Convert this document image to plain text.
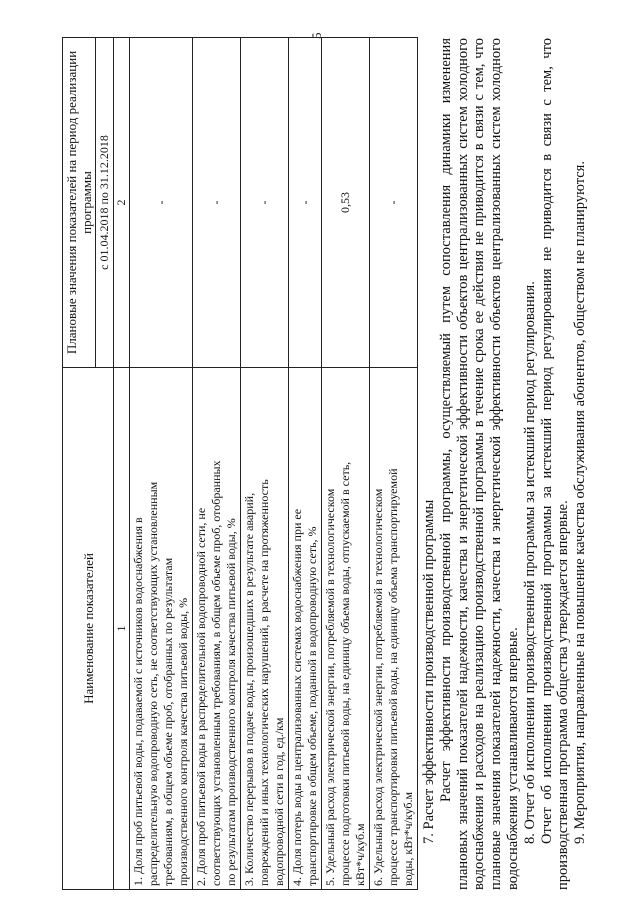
5
Наименование показателей	Плановые значения показателей на период реализации программы
	с 01.04.2018 по 31.12.2018
1	2
1. Доля проб питьевой воды, подаваемой с источников водоснабжения в
распределительную водопроводную сеть, не соответствующих установленным
требованиям, в общем объеме проб, отобранных по результатам
производственного контроля качества питьевой воды, %	-
2. Доля проб питьевой воды в распределительной водопроводной сети, не
соответствующих установленным требованиям, в общем объеме проб, отобранных
по результатам производственного контроля качества питьевой воды, %	-
3. Количество перерывов в подаче воды, произошедших в результате аварий,
повреждений и иных технологических нарушений, в расчете на протяженность
водопроводной сети в год, ед./км	-
4. Доля потерь воды в централизованных системах водоснабжения при ее
транспортировке в общем объеме, поданной в водопроводную сеть, %	-
5. Удельный расход электрической энергии, потребляемой в технологическом
процессе подготовки питьевой воды, на единицу объема воды, отпускаемой в сеть,
кВт*ч/куб.м	0,53
6. Удельный расход электрической энергии, потребляемой в технологическом
процессе транспортировки питьевой воды, на единицу объема транспортируемой
воды, кВт*ч/куб.м	-

7. Расчет эффективности производственной программы Расчет эффективности производственной программы, осуществляемый путем сопоставления динамики изменения плановых значений показателей надежности, качества и энергетической эффективности объектов централизованных систем холодного водоснабжения и расходов на реализацию производственной программы в течение срока ее действия не приводится в связи с тем, что плановые значения показателей надежности, качества и энергетической эффективности объектов централизованных систем холодного водоснабжения устанавливаются впервые. 8. Отчет об исполнении производственной программы за истекший период регулирования. Отчет об исполнении производственной программы за истекший период регулирования не приводится в связи с тем, что производственная программа общества утверждается впервые. 9. Мероприятия, направленные на повышение качества обслуживания абонентов, обществом не планируются.
